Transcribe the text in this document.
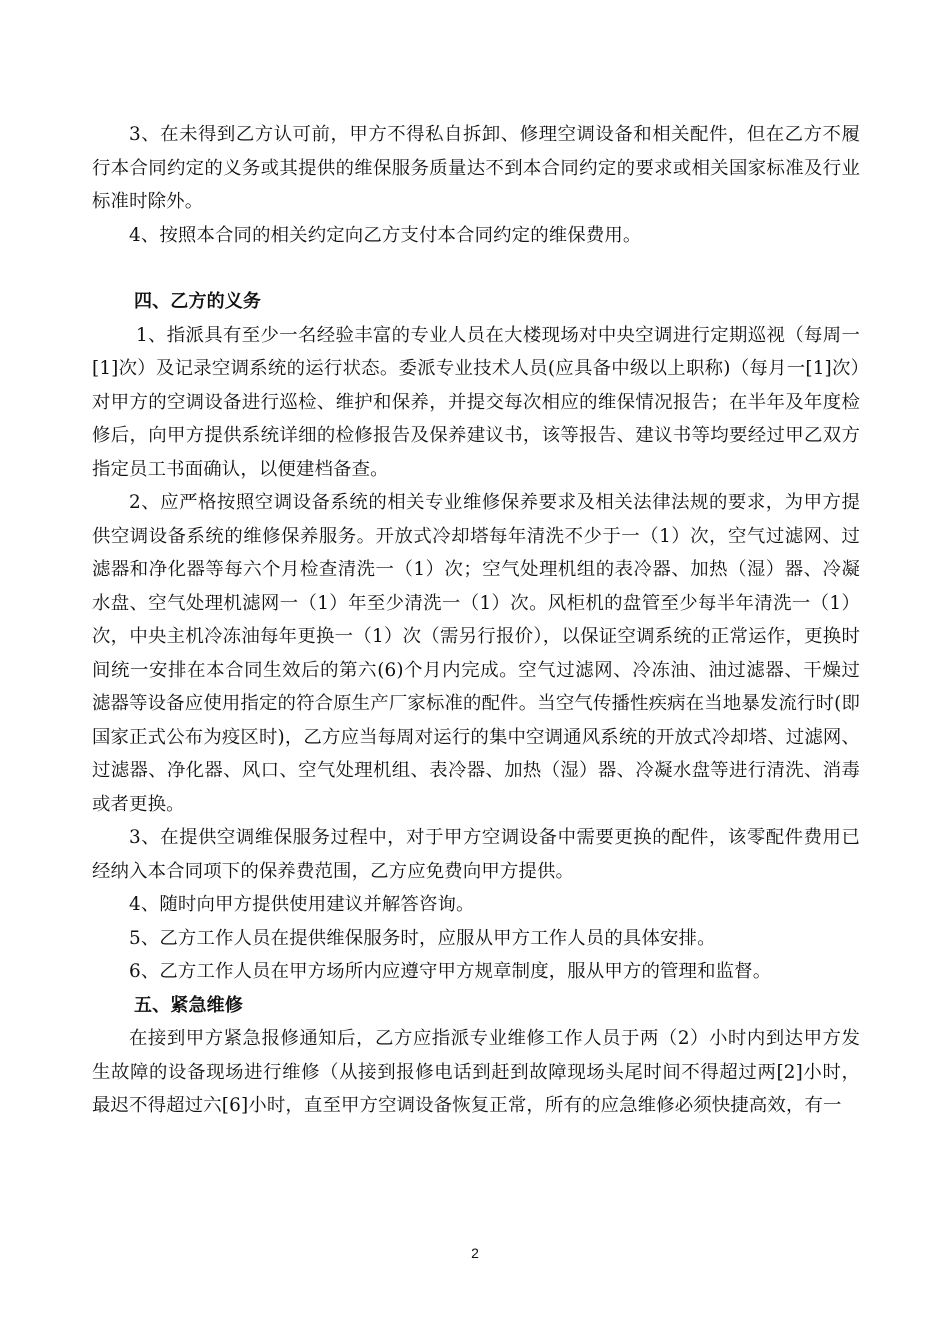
3、在未得到乙方认可前，甲方不得私自拆卸、修理空调设备和相关配件，但在乙方不履行本合同约定的义务或其提供的维保服务质量达不到本合同约定的要求或相关国家标准及行业标准时除外。

4、按照本合同的相关约定向乙方支付本合同约定的维保费用。

四、乙方的义务

1、指派具有至少一名经验丰富的专业人员在大楼现场对中央空调进行定期巡视（每周一[1]次）及记录空调系统的运行状态。委派专业技术人员(应具备中级以上职称)（每月一[1]次）对甲方的空调设备进行巡检、维护和保养，并提交每次相应的维保情况报告；在半年及年度检修后，向甲方提供系统详细的检修报告及保养建议书，该等报告、建议书等均要经过甲乙双方指定员工书面确认，以便建档备查。

2、应严格按照空调设备系统的相关专业维修保养要求及相关法律法规的要求，为甲方提供空调设备系统的维修保养服务。开放式冷却塔每年清洗不少于一（1）次，空气过滤网、过滤器和净化器等每六个月检查清洗一（1）次；空气处理机组的表冷器、加热（湿）器、冷凝水盘、空气处理机滤网一（1）年至少清洗一（1）次。风柜机的盘管至少每半年清洗一（1）次，中央主机冷冻油每年更换一（1）次（需另行报价），以保证空调系统的正常运作，更换时间统一安排在本合同生效后的第六(6)个月内完成。空气过滤网、冷冻油、油过滤器、干燥过滤器等设备应使用指定的符合原生产厂家标准的配件。当空气传播性疾病在当地暴发流行时(即国家正式公布为疫区时)，乙方应当每周对运行的集中空调通风系统的开放式冷却塔、过滤网、过滤器、净化器、风口、空气处理机组、表冷器、加热（湿）器、冷凝水盘等进行清洗、消毒或者更换。

3、在提供空调维保服务过程中，对于甲方空调设备中需要更换的配件，该零配件费用已经纳入本合同项下的保养费范围，乙方应免费向甲方提供。

4、随时向甲方提供使用建议并解答咨询。

5、乙方工作人员在提供维保服务时，应服从甲方工作人员的具体安排。

6、乙方工作人员在甲方场所内应遵守甲方规章制度，服从甲方的管理和监督。

五、紧急维修

在接到甲方紧急报修通知后，乙方应指派专业维修工作人员于两（2）小时内到达甲方发生故障的设备现场进行维修（从接到报修电话到赶到故障现场头尾时间不得超过两[2]小时，最迟不得超过六[6]小时，直至甲方空调设备恢复正常，所有的应急维修必须快捷高效，有一

2
